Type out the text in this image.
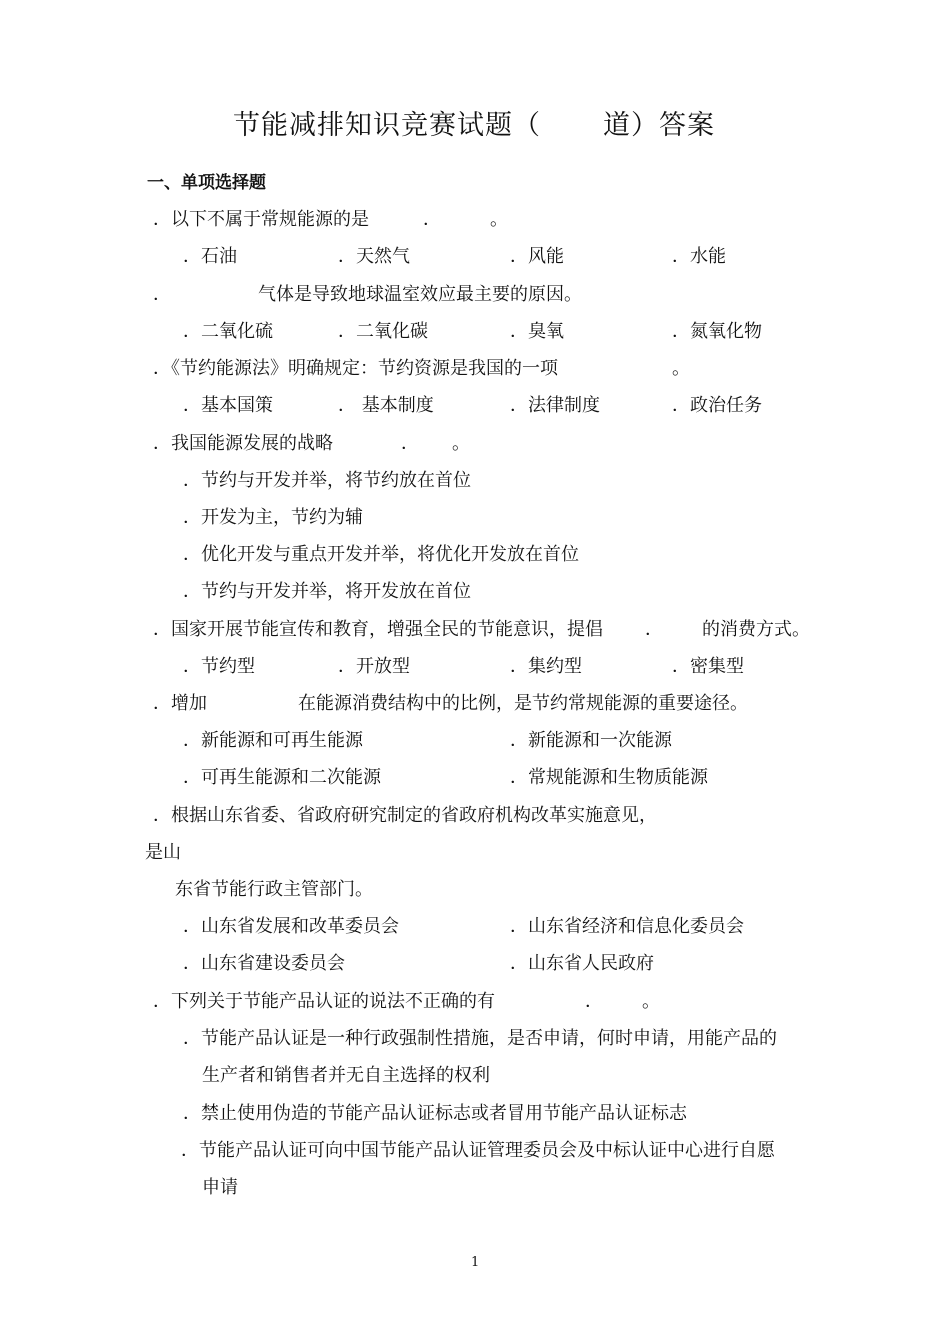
节能减排知识竞赛试题（ 道）答案
一、单项选择题
．以下不属于常规能源的是	．	。
．石油	．天然气	．风能	．水能
．	气体是导致地球温室效应最主要的原因。
．二氧化硫	．二氧化碳	．臭氧	．氮氧化物
．《节约能源法》明确规定：节约资源是我国的一项	。
．基本国策	． 基本制度	．法律制度	．政治任务
．我国能源发展的战略	． 。
．节约与开发并举，将节约放在首位
．开发为主，节约为辅
．优化开发与重点开发并举，将优化开发放在首位
．节约与开发并举，将开发放在首位
．国家开展节能宣传和教育，增强全民的节能意识，提倡 ． 的消费方式。
．节约型	．开放型	．集约型	．密集型
．增加	在能源消费结构中的比例，是节约常规能源的重要途径。
．新能源和可再生能源	．新能源和一次能源
．可再生能源和二次能源	．常规能源和生物质能源
．根据山东省委、省政府研究制定的省政府机构改革实施意见，
是山
东省节能行政主管部门。
．山东省发展和改革委员会	．山东省经济和信息化委员会
．山东省建设委员会	．山东省人民政府
．下列关于节能产品认证的说法不正确的有	． 。
．节能产品认证是一种行政强制性措施，是否申请，何时申请，用能产品的
生产者和销售者并无自主选择的权利
．禁止使用伪造的节能产品认证标志或者冒用节能产品认证标志
．节能产品认证可向中国节能产品认证管理委员会及中标认证中心进行自愿
申请
1
